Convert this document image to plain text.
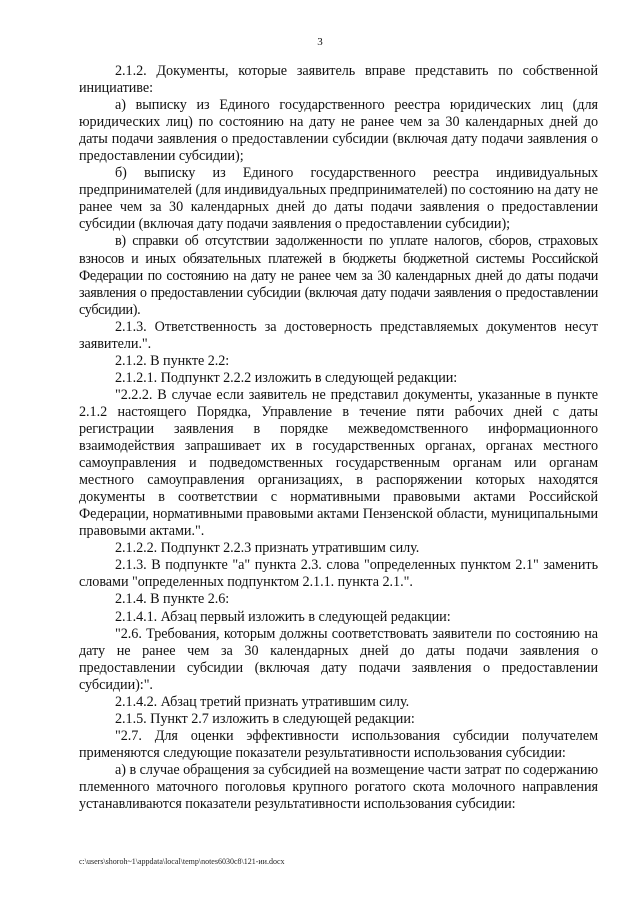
3

2.1.2. Документы, которые заявитель вправе представить по собственной инициативе:

а) выписку из Единого государственного реестра юридических лиц (для юридических лиц) по состоянию на дату не ранее чем за 30 календарных дней до даты подачи заявления о предоставлении субсидии (включая дату подачи заявления о предоставлении субсидии);

б) выписку из Единого государственного реестра индивидуальных предпринимателей (для индивидуальных предпринимателей) по состоянию на дату не ранее чем за 30 календарных дней до даты подачи заявления о предоставлении субсидии (включая дату подачи заявления о предоставлении субсидии);

в) справки об отсутствии задолженности по уплате налогов, сборов, страховых взносов и иных обязательных платежей в бюджеты бюджетной системы Российской Федерации по состоянию на дату не ранее чем за 30 календарных дней до даты подачи заявления о предоставлении субсидии (включая дату подачи заявления о предоставлении субсидии).

2.1.3. Ответственность за достоверность представляемых документов несут заявители.".

2.1.2. В пункте 2.2:

2.1.2.1. Подпункт 2.2.2 изложить в следующей редакции:

"2.2.2. В случае если заявитель не представил документы, указанные в пункте 2.1.2 настоящего Порядка, Управление в течение пяти рабочих дней с даты регистрации заявления в порядке межведомственного информационного взаимодействия запрашивает их в государственных органах, органах местного самоуправления и подведомственных государственным органам или органам местного самоуправления организациях, в распоряжении которых находятся документы в соответствии с нормативными правовыми актами Российской Федерации, нормативными правовыми актами Пензенской области, муниципальными правовыми актами.".

2.1.2.2. Подпункт 2.2.3 признать утратившим силу.

2.1.3. В подпункте "а" пункта 2.3. слова "определенных пунктом 2.1" заменить словами "определенных подпунктом 2.1.1. пункта 2.1.".

2.1.4. В пункте 2.6:

2.1.4.1. Абзац первый изложить в следующей редакции:

"2.6. Требования, которым должны соответствовать заявители по состоянию на дату не ранее чем за 30 календарных дней до даты подачи заявления о предоставлении субсидии (включая дату подачи заявления о предоставлении субсидии):".

2.1.4.2. Абзац третий признать утратившим силу.

2.1.5. Пункт 2.7 изложить в следующей редакции:

"2.7. Для оценки эффективности использования субсидии получателем применяются следующие показатели результативности использования субсидии:

а) в случае обращения за субсидией на возмещение части затрат по содержанию племенного маточного поголовья крупного рогатого скота молочного направления устанавливаются показатели результативности использования субсидии:

c:\users\shoroh~1\appdata\local\temp\notes6030c8\121-ии.docx
